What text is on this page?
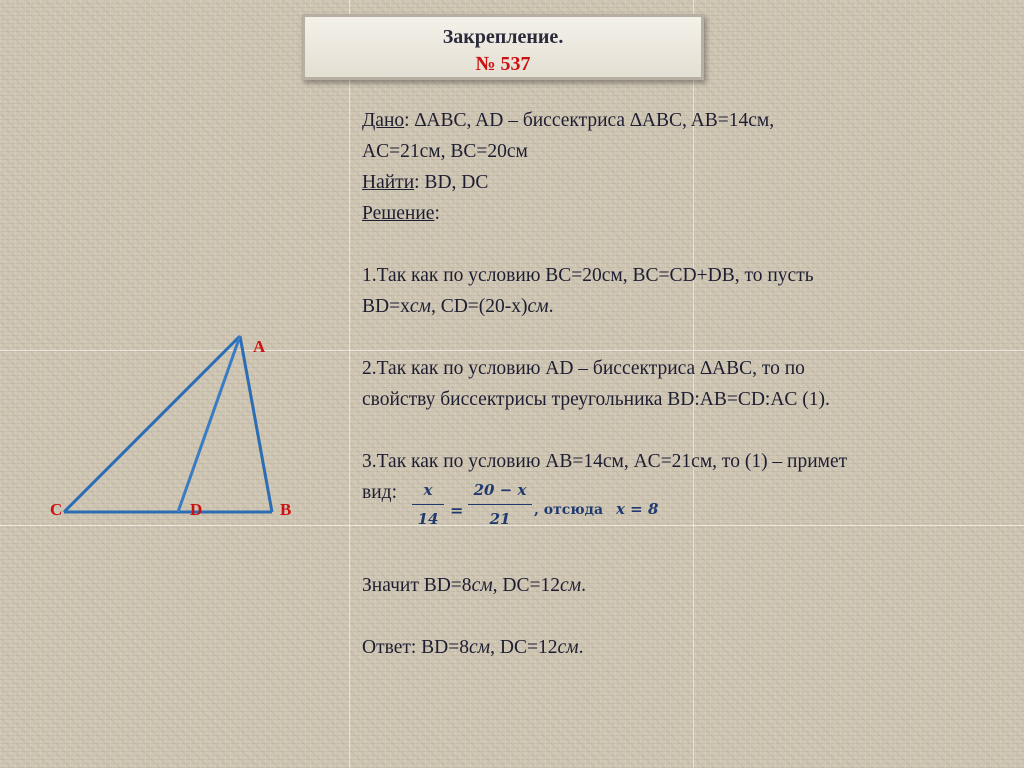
Закрепление.
№ 537
A
C	D	B

Дано: ∆ABC, AD – биссектриса ∆ABC, AB=14см,

AC=21см, BC=20см

Найти: BD, DC

Решение:

1.Так как по условию BC=20см, BC=CD+DB, то пусть

BD=xсм, CD=(20-x)см.

2.Так как по условию AD – биссектриса ∆ABC, то по

свойству биссектрисы треугольника BD:AB=CD:AC (1).

3.Так как по условию AB=14см, AC=21см, то (1) – примет

вид:	x
14 =
20 − x
21	, отсюда x = 8

Значит BD=8см, DC=12см.

Ответ: BD=8см, DC=12см.
